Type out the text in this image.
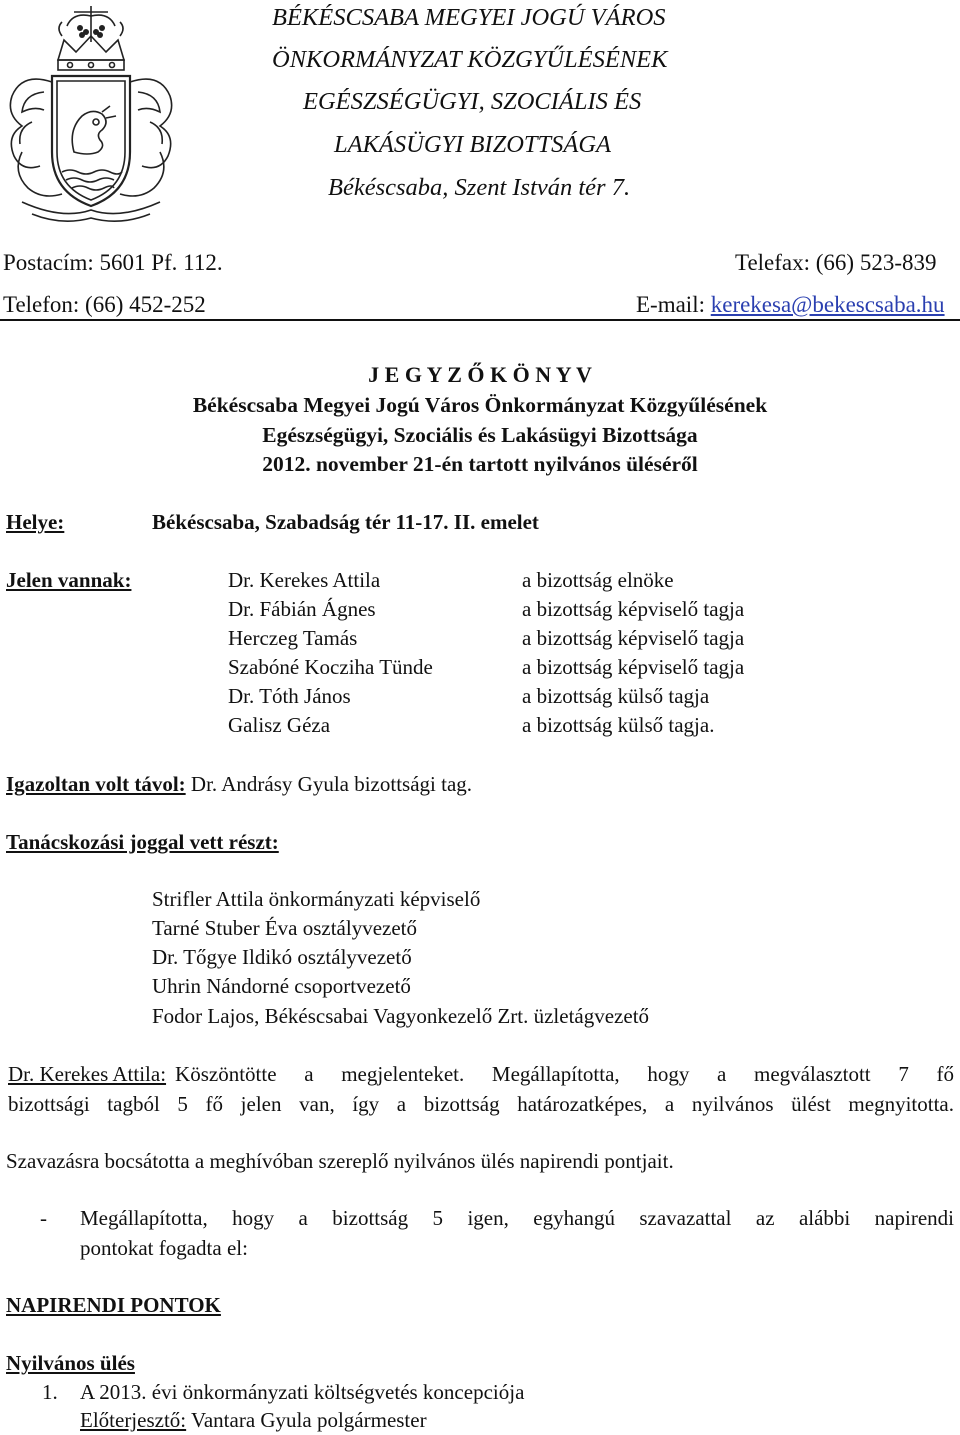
BÉKÉSCSABA MEGYEI JOGÚ VÁROS
ÖNKORMÁNYZAT KÖZGYŰLÉSÉNEK
EGÉSZSÉGÜGYI, SZOCIÁLIS ÉS
LAKÁSÜGYI BIZOTTSÁGA
Békéscsaba, Szent István tér 7.
Postacím: 5601 Pf. 112.	Telefax: (66) 523-839
Telefon: (66) 452-252	E-mail: kerekesa@bekescsaba.hu
J E G Y Z Ő K Ö N Y V
Békéscsaba Megyei Jogú Város Önkormányzat Közgyűlésének
Egészségügyi, Szociális és Lakásügyi Bizottsága
2012. november 21-én tartott nyilvános üléséről
Helye:	Békéscsaba, Szabadság tér 11-17. II. emelet
Jelen vannak:	Dr. Kerekes Attila	a bizottság elnöke
Dr. Fábián Ágnes	a bizottság képviselő tagja
Herczeg Tamás	a bizottság képviselő tagja
Szabóné Kocziha Tünde	a bizottság képviselő tagja
Dr. Tóth János	a bizottság külső tagja
Galisz Géza	a bizottság külső tagja.
Igazoltan volt távol: Dr. Andrásy Gyula bizottsági tag.
Tanácskozási joggal vett részt:
Strifler Attila önkormányzati képviselő
Tarné Stuber Éva osztályvezető
Dr. Tőgye Ildikó osztályvezető
Uhrin Nándorné csoportvezető
Fodor Lajos, Békéscsabai Vagyonkezelő Zrt. üzletágvezető
Dr. Kerekes Attila: Köszöntötte a megjelenteket. Megállapította, hogy a megválasztott 7 fő
bizottsági tagból 5 fő jelen van, így a bizottság határozatképes, a nyilvános ülést megnyitotta.
Szavazásra bocsátotta a meghívóban szereplő nyilvános ülés napirendi pontjait.
- Megállapította, hogy a bizottság 5 igen, egyhangú szavazattal az alábbi napirendi
pontokat fogadta el:
NAPIRENDI PONTOK
Nyilvános ülés
1. A 2013. évi önkormányzati költségvetés koncepciója
Előterjesztő: Vantara Gyula polgármester
